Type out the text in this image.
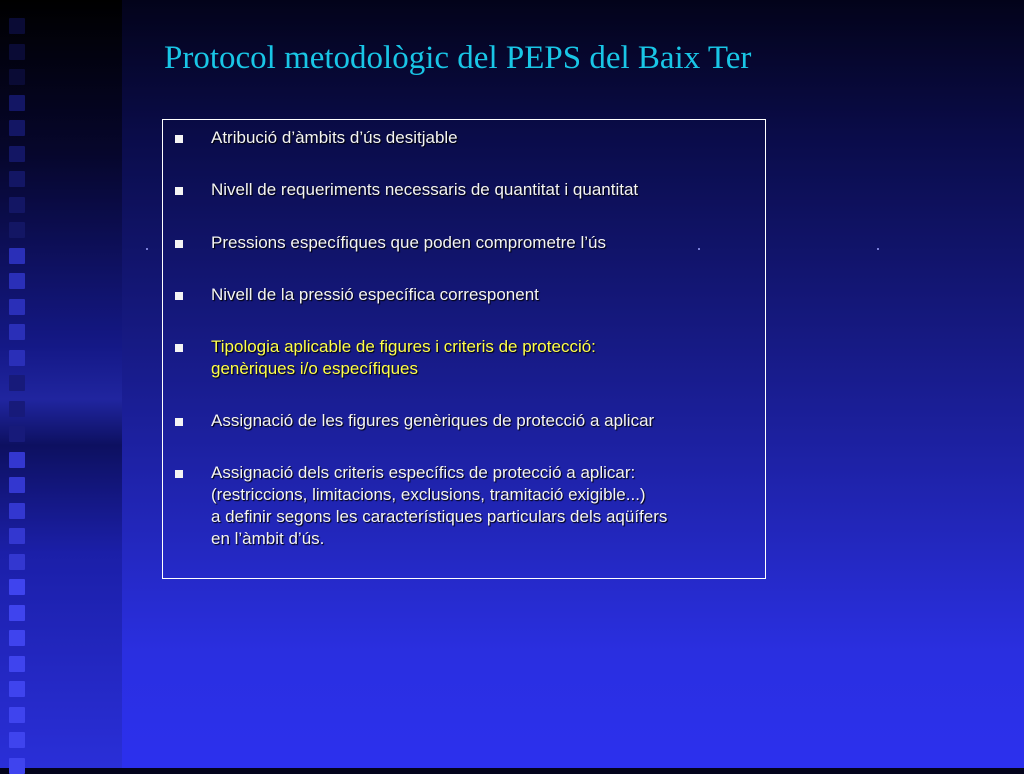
Protocol metodològic del PEPS del Baix Ter
Atribució d’àmbits d’ús desitjable
Nivell de requeriments necessaris de quantitat i quantitat
Pressions específiques que poden comprometre l’ús
Nivell de la pressió específica corresponent
Tipologia aplicable de figures i criteris de protecció:
genèriques i/o específiques
Assignació de les figures genèriques de protecció a aplicar
Assignació dels criteris específics de protecció a aplicar:
(restriccions, limitacions, exclusions, tramitació exigible...)
a definir segons les característiques particulars dels aqüífers
en l’àmbit d’ús.
